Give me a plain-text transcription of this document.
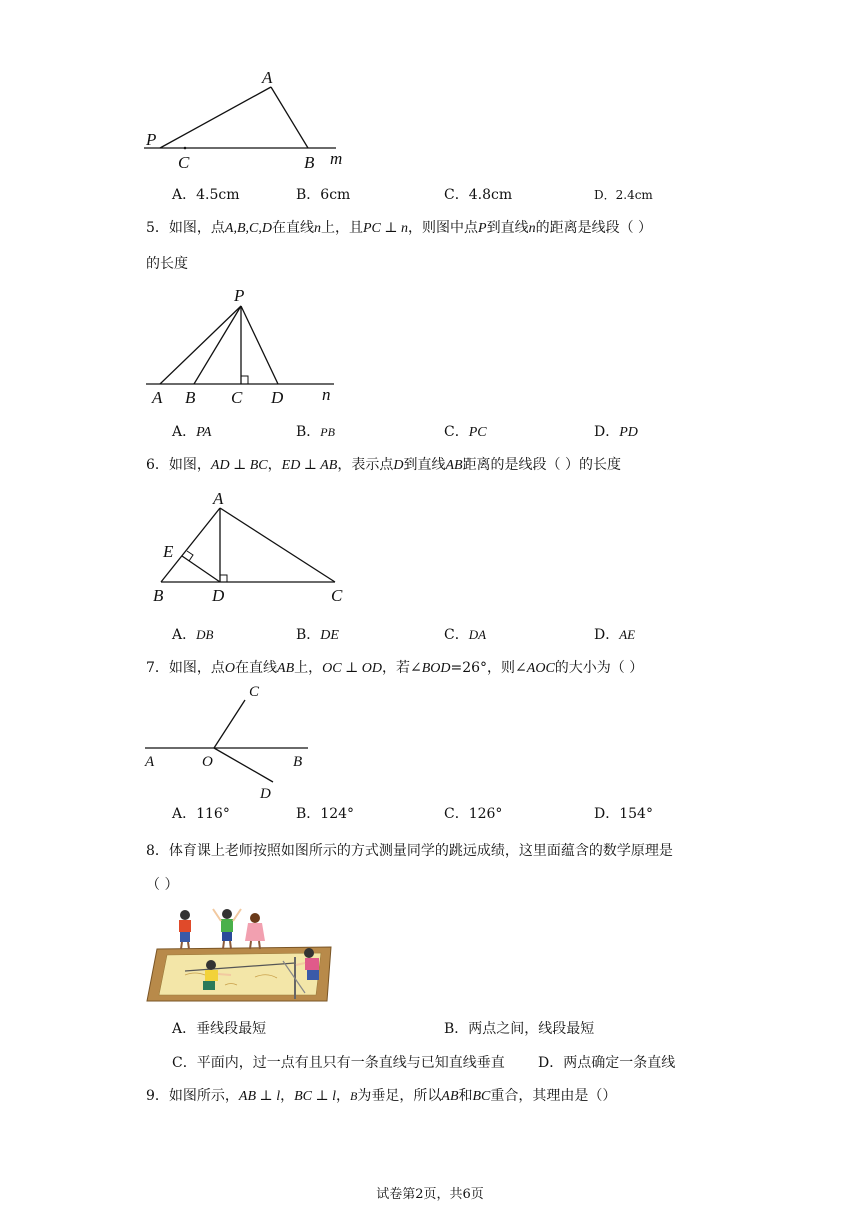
A
P
C	B m
A．4.5cm	B．6cm	C．4.8cm	D．2.4cm
5．如图，点A,B,C,D在直线n上，且PC ⊥ n，则图中点P到直线n的距离是线段（ ）
的长度
P
A B C D n
A．PA	B．PB	C．PC	D．PD
6．如图，AD ⊥ BC，ED ⊥ AB，表示点D到直线AB距离的是线段（ ）的长度
A
E
B	D	C
A．DB	B．DE	C．DA	D．AE
7．如图，点O在直线AB上，OC ⊥ OD，若∠BOD=26°，则∠AOC的大小为（ ）
C
A	O	B
D
A．116°	B．124°	C．126°	D．154°
8．体育课上老师按照如图所示的方式测量同学的跳远成绩，这里面蕴含的数学原理是
（ ）
A．垂线段最短	B．两点之间，线段最短
C．平面内，过一点有且只有一条直线与已知直线垂直 D．两点确定一条直线
9．如图所示，AB ⊥ l，BC ⊥ l，B为垂足，所以AB和BC重合，其理由是（）
试卷第2页，共6页
